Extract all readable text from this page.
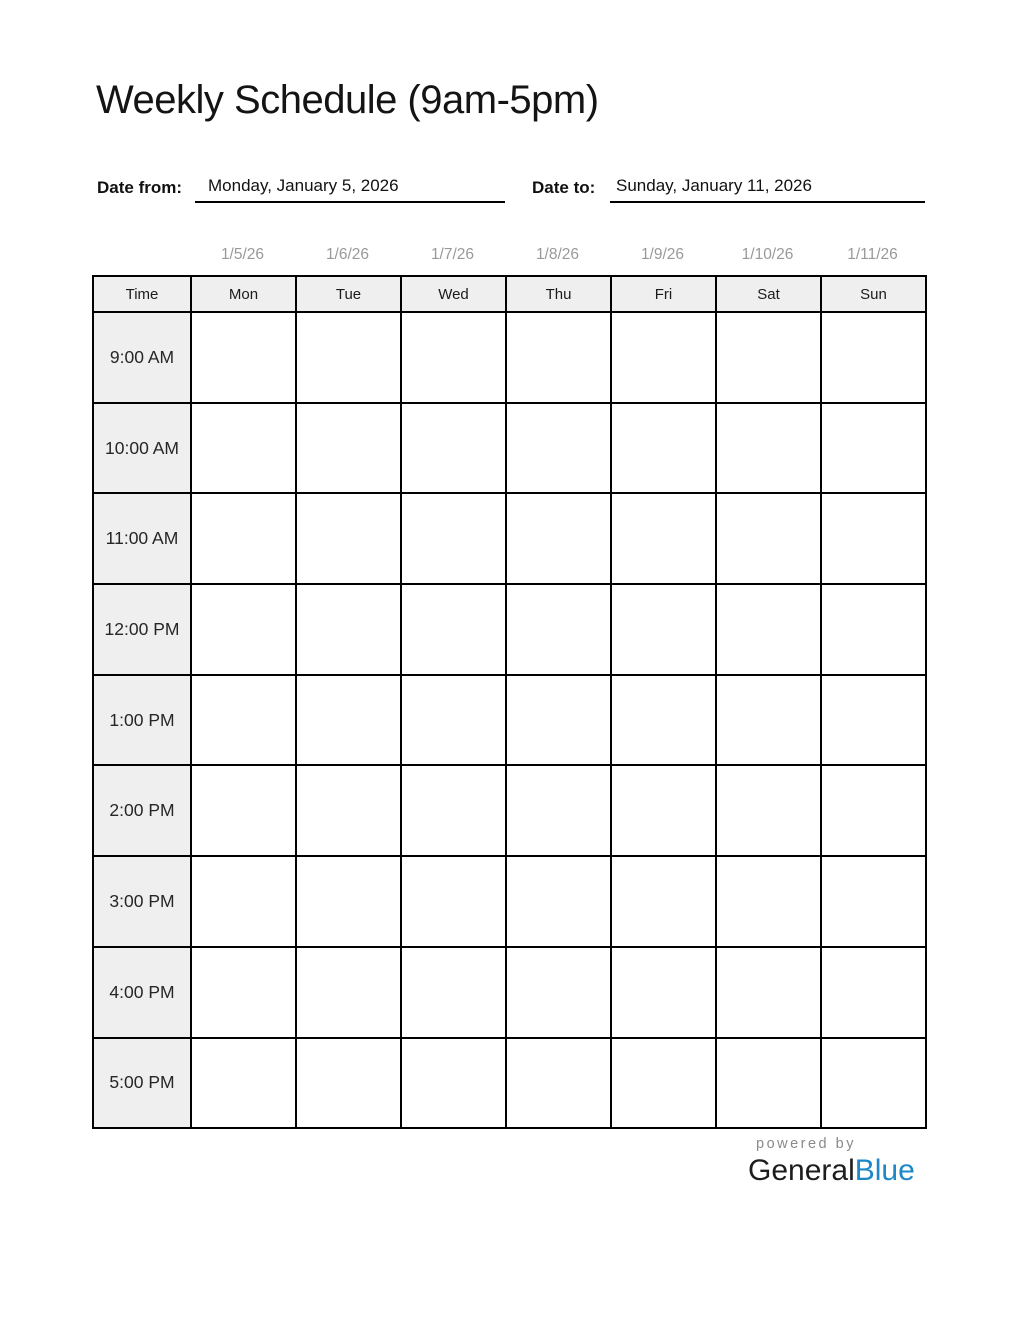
Weekly Schedule (9am-5pm)
Date from:	Monday, January 5, 2026	Date to:	Sunday, January 11, 2026
1/5/26	1/6/26	1/7/26	1/8/26	1/9/26	1/10/26	1/11/26
Time	Mon	Tue	Wed	Thu	Fri	Sat	Sun
9:00 AM							
10:00 AM							
11:00 AM							
12:00 PM							
1:00 PM							
2:00 PM							
3:00 PM							
4:00 PM							
5:00 PM							
powered by
GeneralBlue
